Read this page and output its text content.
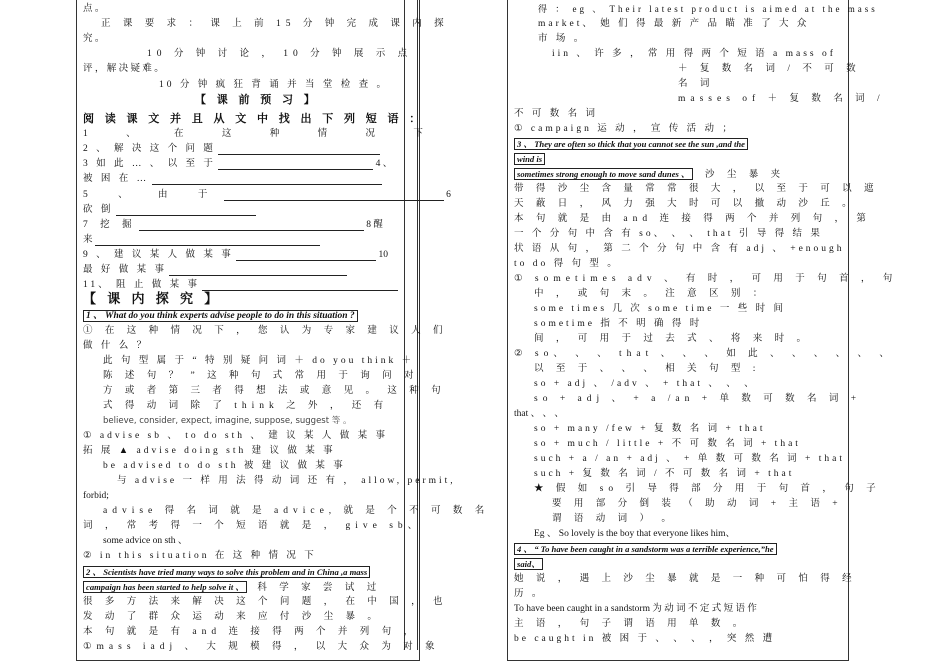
点 。
正 课 要 求 ： 课 上 前 15 分 钟 完 成 课 内 探
究 。
10 分 钟 讨 论 ， 10 分 钟 展 示 点
评 ， 解 决 疑 难 。
10 分 钟 疯 狂 背 诵 并 当 堂 检 查 。
【 课 前 预 习 】
阅 读 课 文 并 且 从 文 中 找 出 下 列 短 语 ：
1 、 在 这 种 情 况 下
2 、 解 决 这 个 问 题
3 如 此 … 、 以 至 于	4 、
被 困 在 …
5 、 由 于	6
砍 倒
7 挖 掘	8 醒
来
9 、 建 议 某 人 做 某 事	10
最 好 做 某 事
11、 阻 止 做 某 事
【 课 内 探 究 】
1 、 What do you think experts advise people to do in this situation ?
① 在 这 种 情 况 下 ， 您 认 为 专 家 建 议 人 们
做 什 么 ？
此 句 型 属 于 “ 特 别 疑 问 词 ＋ do you think ＋
陈 述 句 ？ ” 这 种 句 式 常 用 于 询 问 对
方 或 者 第 三 者 得 想 法 或 意 见 。 这 种 句
式 得 动 词 除 了 think 之 外 ， 还 有
believe, consider, expect, imagine, suppose, suggest 等 。
① advise sb 、 to do sth 、 建 议 某 人 做 某 事
拓 展 ▲ advise doing sth 建 议 做 某 事
be advised to do sth 被 建 议 做 某 事
与 advise 一 样 用 法 得 动 词 还 有 ， allow, permit,
forbid;
advise 得 名 词 就 是 advice, 就 是 个 不 可 数 名
词 ， 常 考 得 一 个 短 语 就 是 ， give sb、
some advice on sth 、
② in this situation 在 这 种 情 况 下
2 、 Scientists have tried many ways to solve this problem and in China ,a mass
campaign has been started to help solve it 、 科 学 家 尝 试 过
很 多 方 法 来 解 决 这 个 问 题 ， 在 中 国 ， 也
发 动 了 群 众 运 动 来 应 付 沙 尘 暴 。
本 句 就 是 有 and 连 接 得 两 个 并 列 句 ，
①mass iadj 、 大 规 模 得 ， 以 大 众 为 对 象
得 ： eg 、 Their latest product is aimed at the mass
market、 她 们 得 最 新 产 品 瞄 准 了 大 众
市 场 。
iin 、 许 多 ， 常 用 得 两 个 短 语 a mass of
＋ 复 数 名 词 / 不 可 数
名 词
masses of ＋ 复 数 名 词 /
不 可 数 名 词
① campaign 运 动 ， 宣 传 活 动 ；
3 、 They are often so thick that you cannot see the sun ,and the
wind is
sometimes strong enough to move sand dunes 、 沙 尘 暴 夹
带 得 沙 尘 含 量 常 常 很 大 ， 以 至 于 可 以 遮
天 蔽 日 ， 风 力 强 大 时 可 以 撤 动 沙 丘 。
本 句 就 是 由 and 连 接 得 两 个 并 列 句 ， 第
一 个 分 句 中 含 有 so、 、 、 that 引 导 得 结 果
状 语 从 句 ， 第 二 个 分 句 中 含 有 adj 、 +enough
to do 得 句 型 。
① sometimes adv 、 有 时 ， 可 用 于 句 首 ， 句
中 ， 或 句 末 。 注 意 区 别 ：
some times 几 次 some time 一 些 时 间
sometime 指 不 明 确 得 时
间 ， 可 用 于 过 去 式 、 将 来 时 。
② so、 、 、 that 、 、 、 如 此 、 、 、 、 、 、
以 至 于 、 、 、 相 关 句 型 :
so + adj 、 /adv 、 + that 、 、 、
so + adj 、 + a /an + 单 数 可 数 名 词 +
that 、 、 、
so + many /few + 复 数 名 词 + that
so + much / little + 不 可 数 名 词 + that
such + a / an + adj 、 + 单 数 可 数 名 词 + that
such + 复 数 名 词 / 不 可 数 名 词 + that
★ 假 如 so 引 导 得 部 分 用 于 句 首 ， 句 子
要 用 部 分 倒 装 （ 助 动 词 + 主 语 +
谓 语 动 词 ） 。
Eg 、 So lovely is the boy that everyone likes him、
4 、 “ To have been caught in a sandstorm was a terrible experience,”he
said、
她 说 ， 遇 上 沙 尘 暴 就 是 一 种 可 怕 得 经
历 。
To have been caught in a sandstorm 为 动 词 不 定 式 短 语 作
主 语 ， 句 子 谓 语 用 单 数 。
be caught in 被 困 于 、 、 、 ， 突 然 遭
